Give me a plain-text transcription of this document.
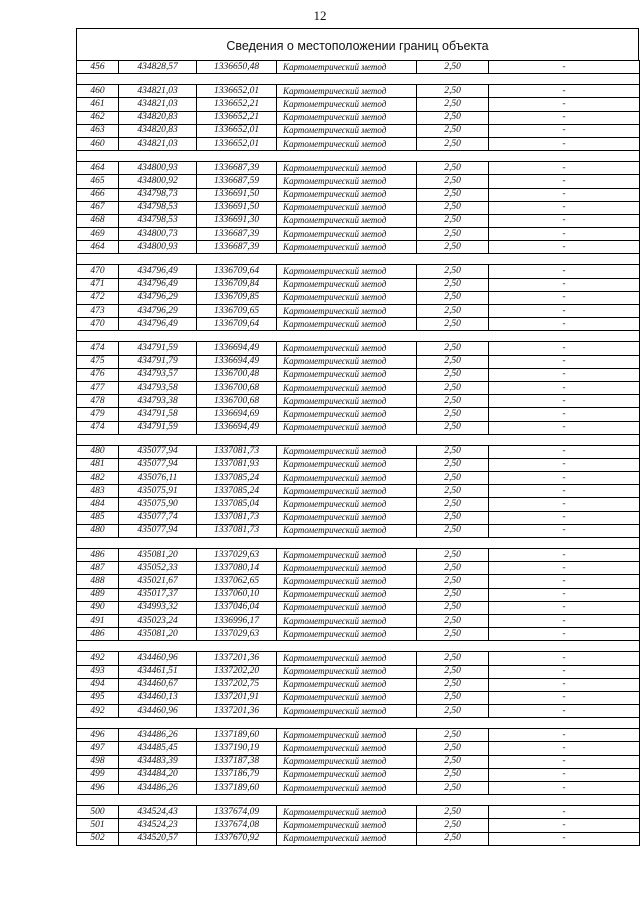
12
Сведения о местоположении границ объекта
456	434828,57	1336650,48	Картометрический метод	2,50	-

460	434821,03	1336652,01	Картометрический метод	2,50	-
461	434821,03	1336652,21	Картометрический метод	2,50	-
462	434820,83	1336652,21	Картометрический метод	2,50	-
463	434820,83	1336652,01	Картометрический метод	2,50	-
460	434821,03	1336652,01	Картометрический метод	2,50	-

464	434800,93	1336687,39	Картометрический метод	2,50	-
465	434800,92	1336687,59	Картометрический метод	2,50	-
466	434798,73	1336691,50	Картометрический метод	2,50	-
467	434798,53	1336691,50	Картометрический метод	2,50	-
468	434798,53	1336691,30	Картометрический метод	2,50	-
469	434800,73	1336687,39	Картометрический метод	2,50	-
464	434800,93	1336687,39	Картометрический метод	2,50	-

470	434796,49	1336709,64	Картометрический метод	2,50	-
471	434796,49	1336709,84	Картометрический метод	2,50	-
472	434796,29	1336709,85	Картометрический метод	2,50	-
473	434796,29	1336709,65	Картометрический метод	2,50	-
470	434796,49	1336709,64	Картометрический метод	2,50	-

474	434791,59	1336694,49	Картометрический метод	2,50	-
475	434791,79	1336694,49	Картометрический метод	2,50	-
476	434793,57	1336700,48	Картометрический метод	2,50	-
477	434793,58	1336700,68	Картометрический метод	2,50	-
478	434793,38	1336700,68	Картометрический метод	2,50	-
479	434791,58	1336694,69	Картометрический метод	2,50	-
474	434791,59	1336694,49	Картометрический метод	2,50	-

480	435077,94	1337081,73	Картометрический метод	2,50	-
481	435077,94	1337081,93	Картометрический метод	2,50	-
482	435076,11	1337085,24	Картометрический метод	2,50	-
483	435075,91	1337085,24	Картометрический метод	2,50	-
484	435075,90	1337085,04	Картометрический метод	2,50	-
485	435077,74	1337081,73	Картометрический метод	2,50	-
480	435077,94	1337081,73	Картометрический метод	2,50	-

486	435081,20	1337029,63	Картометрический метод	2,50	-
487	435052,33	1337080,14	Картометрический метод	2,50	-
488	435021,67	1337062,65	Картометрический метод	2,50	-
489	435017,37	1337060,10	Картометрический метод	2,50	-
490	434993,32	1337046,04	Картометрический метод	2,50	-
491	435023,24	1336996,17	Картометрический метод	2,50	-
486	435081,20	1337029,63	Картометрический метод	2,50	-

492	434460,96	1337201,36	Картометрический метод	2,50	-
493	434461,51	1337202,20	Картометрический метод	2,50	-
494	434460,67	1337202,75	Картометрический метод	2,50	-
495	434460,13	1337201,91	Картометрический метод	2,50	-
492	434460,96	1337201,36	Картометрический метод	2,50	-

496	434486,26	1337189,60	Картометрический метод	2,50	-
497	434485,45	1337190,19	Картометрический метод	2,50	-
498	434483,39	1337187,38	Картометрический метод	2,50	-
499	434484,20	1337186,79	Картометрический метод	2,50	-
496	434486,26	1337189,60	Картометрический метод	2,50	-

500	434524,43	1337674,09	Картометрический метод	2,50	-
501	434524,23	1337674,08	Картометрический метод	2,50	-
502	434520,57	1337670,92	Картометрический метод	2,50	-
